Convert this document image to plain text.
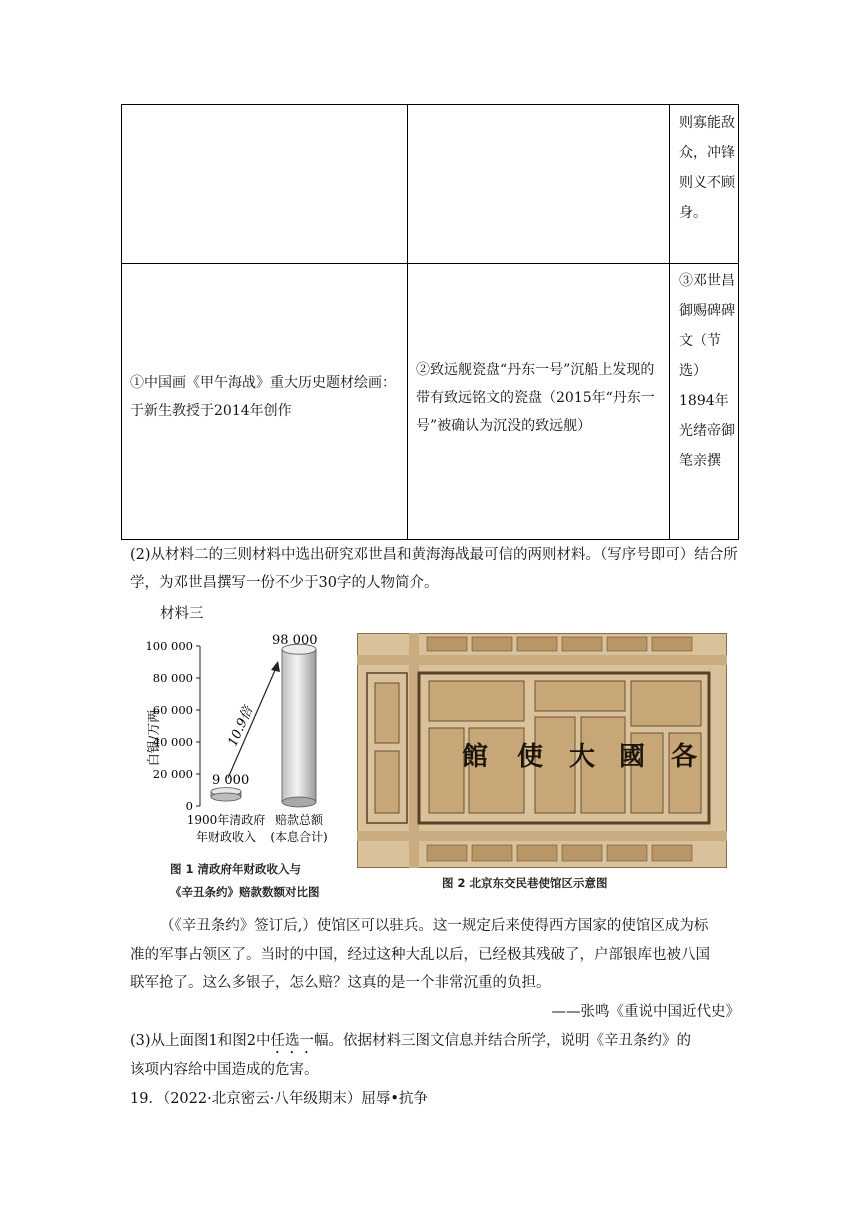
则寡能敌众，冲锋则义不顾身。
①中国画《甲午海战》重大历史题材绘画：于新生教授于2014年创作
②致远舰瓷盘“丹东一号”沉船上发现的带有致远铭文的瓷盘（2015年“丹东一号”被确认为沉没的致远舰）
③邓世昌御赐碑碑文（节选）1894年光绪帝御笔亲撰
(2)从材料二的三则材料中选出研究邓世昌和黄海海战最可信的两则材料。（写序号即可）结合所学，为邓世昌撰写一份不少于30字的人物简介。
材料三
100 000
80 000
60 000
40 000
20 000
0
白银/万两	10.9倍
9 000
98 000
1900年清政府
年财政收入
赔款总额
(本息合计)
图 1 清政府年财政收入与
《辛丑条约》赔款数额对比图
館 使 大 國 各
图 2 北京东交民巷使馆区示意图
（《辛丑条约》签订后,）使馆区可以驻兵。这一规定后来使得西方国家的使馆区成为标
准的军事占领区了。当时的中国，经过这种大乱以后，已经极其残破了，户部银库也被八国
联军抢了。这么多银子，怎么赔？这真的是一个非常沉重的负担。
——张鸣《重说中国近代史》
(3)从上面图1和图2中任选一幅。依据材料三图文信息并结合所学，说明《辛丑条约》的
该项内容给中国造成的危害。
19．（2022·北京密云·八年级期末）屈辱•抗争
